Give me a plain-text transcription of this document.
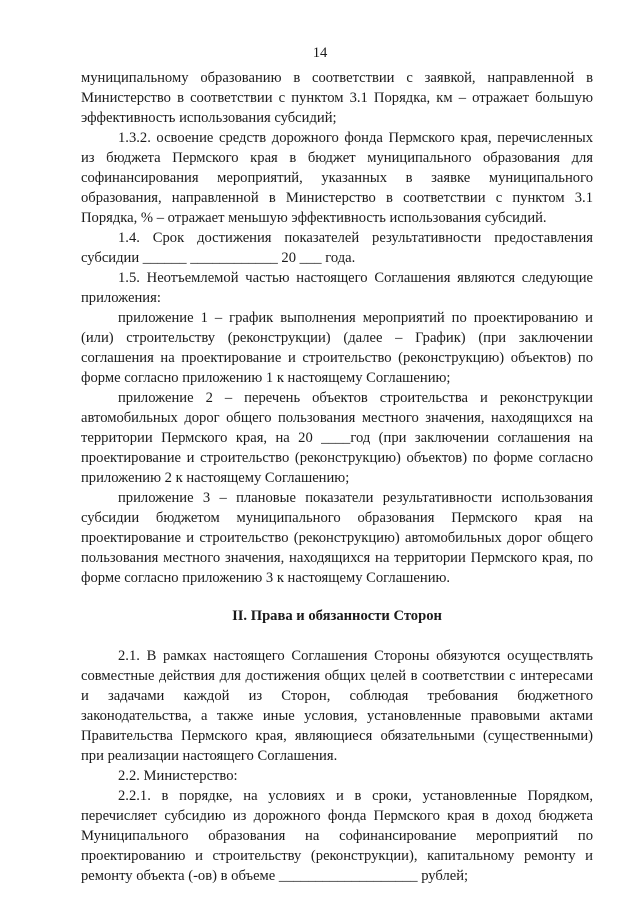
14

муниципальному образованию в соответствии с заявкой, направленной в Министерство в соответствии с пунктом 3.1 Порядка, км – отражает большую эффективность использования субсидий;

1.3.2. освоение средств дорожного фонда Пермского края, перечисленных из бюджета Пермского края в бюджет муниципального образования для софинансирования мероприятий, указанных в заявке муниципального образования, направленной в Министерство в соответствии с пунктом 3.1 Порядка, % – отражает меньшую эффективность использования субсидий.

1.4. Срок достижения показателей результативности предоставления субсидии ______ ____________ 20 ___ года.

1.5. Неотъемлемой частью настоящего Соглашения являются следующие приложения:

приложение 1 – график выполнения мероприятий по проектированию и (или) строительству (реконструкции) (далее – График) (при заключении соглашения на проектирование и строительство (реконструкцию) объектов) по форме согласно приложению 1 к настоящему Соглашению;

приложение 2 – перечень объектов строительства и реконструкции автомобильных дорог общего пользования местного значения, находящихся на территории Пермского края, на 20 ____год (при заключении соглашения на проектирование и строительство (реконструкцию) объектов) по форме согласно приложению 2 к настоящему Соглашению;

приложение 3 – плановые показатели результативности использования субсидии бюджетом муниципального образования Пермского края на проектирование и строительство (реконструкцию) автомобильных дорог общего пользования местного значения, находящихся на территории Пермского края, по форме согласно приложению 3 к настоящему Соглашению.

II. Права и обязанности Сторон

2.1. В рамках настоящего Соглашения Стороны обязуются осуществлять совместные действия для достижения общих целей в соответствии с интересами и задачами каждой из Сторон, соблюдая требования бюджетного законодательства, а также иные условия, установленные правовыми актами Правительства Пермского края, являющиеся обязательными (существенными) при реализации настоящего Соглашения.

2.2. Министерство:

2.2.1. в порядке, на условиях и в сроки, установленные Порядком, перечисляет субсидию из дорожного фонда Пермского края в доход бюджета Муниципального образования на софинансирование мероприятий по проектированию и строительству (реконструкции), капитальному ремонту и ремонту объекта (-ов) в объеме ___________________ рублей;
